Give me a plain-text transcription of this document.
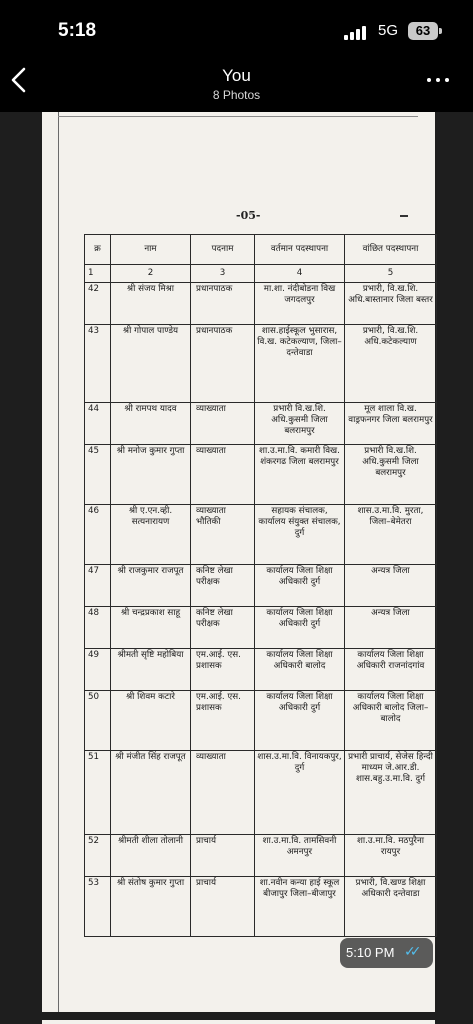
5:18	5G	63
You
8 Photos
-05-
क्र	नाम	पदनाम	वर्तमान पदस्थापना	वांछित पदस्थापना
1	2	3	4	5
42	श्री संजय मिश्रा	प्रधानपाठक	मा.शा. नंदीबोडना विख जगदलपुर	प्रभारी, वि.ख.शि. अधि.बास्तानार जिला बस्तर
43	श्री गोपाल पाण्डेय	प्रधानपाठक	शास.हाईस्कूल भुसारास, वि.ख. कटेकल्याण, जिला– दन्तेवाडा	प्रभारी, वि.ख.शि. अधि.कटेकल्याण
44	श्री रामपथ यादव	व्याख्याता	प्रभारी वि.ख.शि. अधि.कुसमी जिला बलरामपुर	मूल शाला वि.ख. वाड्रफनगर जिला बलरामपुर
45	श्री मनोज कुमार गुप्ता	व्याख्याता	शा.उ.मा.वि. कमारी विख. शंकरगढ जिला बलरामपुर	प्रभारी वि.ख.शि. अधि.कुसमी जिला बलरामपुर
46	श्री ए.एन.व्ही. सत्यनारायण	व्याख्याता भौतिकी	सहायक संचालक, कार्यालय संयुक्त संचालक, दुर्ग	शास.उ.मा.वि. मुरता, जिला–बेमेतरा
47	श्री राजकुमार राजपूत	कनिष्ट लेखा परीक्षक	कार्यालय जिला शिक्षा अधिकारी दुर्ग	अन्यत्र जिला
48	श्री चन्द्रप्रकाश साहू	कनिष्ट लेखा परीक्षक	कार्यालय जिला शिक्षा अधिकारी दुर्ग	अन्यत्र जिला
49	श्रीमती सृष्टि महोबिया	एम.आई. एस. प्रशासक	कार्यालय जिला शिक्षा अधिकारी बालोद	कार्यालय जिला शिक्षा अधिकारी राजनांदगांव
50	श्री शिवम कटारे	एम.आई. एस. प्रशासक	कार्यालय जिला शिक्षा अधिकारी दुर्ग	कार्यालय जिला शिक्षा अधिकारी बालोद जिला–बालोद
51	श्री मंजीत सिंह राजपूत	व्याख्याता	शास.उ.मा.वि. विनायकपुर, दुर्ग	प्रभारी प्राचार्य, सेजेस हिन्दी माध्यम जे.आर.डी. शास.बहु.उ.मा.वि. दुर्ग
52	श्रीमती शीला तोलानी	प्राचार्य	शा.उ.मा.वि. तामसिवनी अमनपुर	शा.उ.मा.वि. मठपुरैना रायपुर
53	श्री संतोष कुमार गुप्ता	प्राचार्य	शा.नवीन कन्या हाई स्कूल बीजापुर जिला–बीजापुर	प्रभारी, वि.खण्ड शिक्षा अधिकारी दन्तेवाडा
5:10 PM ✓✓
